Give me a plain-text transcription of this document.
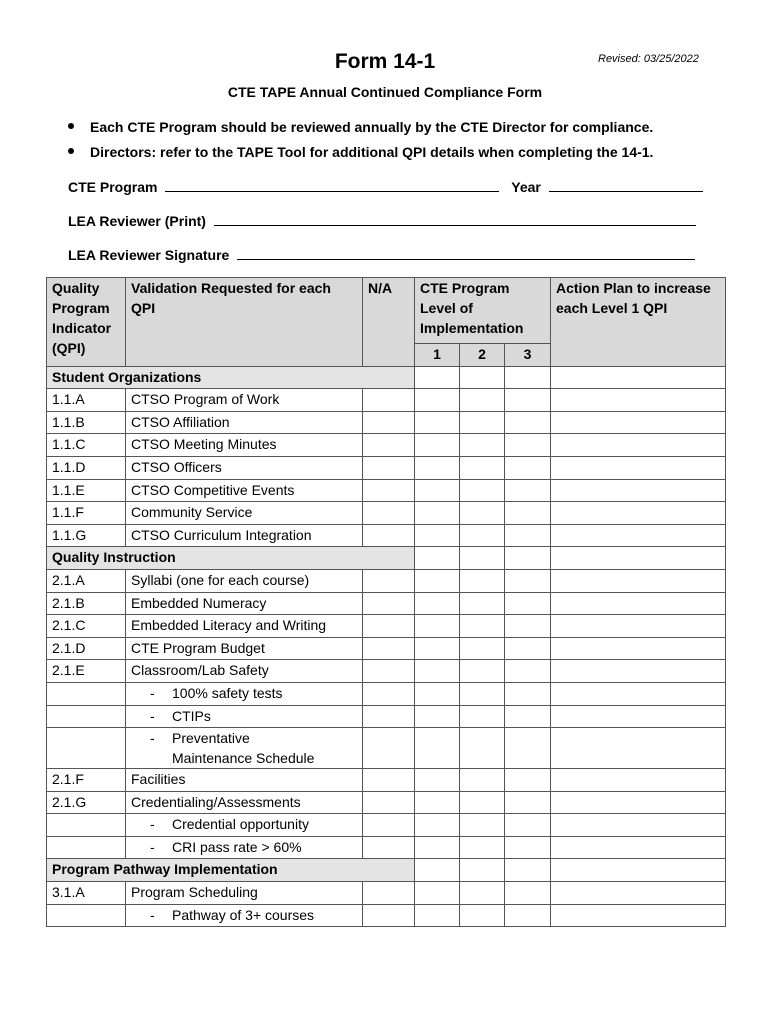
Form 14-1	Revised: 03/25/2022
CTE TAPE Annual Continued Compliance Form
Each CTE Program should be reviewed annually by the CTE Director for compliance.
Directors: refer to the TAPE Tool for additional QPI details when completing the 14-1.
CTE Program	Year
LEA Reviewer (Print)
LEA Reviewer Signature
Quality
Program
Indicator
(QPI)	Validation Requested for each QPI	N/A	CTE Program Level of Implementation			Action Plan to increase each Level 1 QPI
			1	2	3	
Student Organizations						
1.1.A	CTSO Program of Work					
1.1.B	CTSO Affiliation					
1.1.C	CTSO Meeting Minutes					
1.1.D	CTSO Officers					
1.1.E	CTSO Competitive Events					
1.1.F	Community Service					
1.1.G	CTSO Curriculum Integration					
Quality Instruction						
2.1.A	Syllabi (one for each course)					
2.1.B	Embedded Numeracy					
2.1.C	Embedded Literacy and Writing					
2.1.D	CTE Program Budget					
2.1.E	Classroom/Lab Safety					
	- 100% safety tests					
	- CTIPs					
	- Preventative
Maintenance Schedule					

2.1.F	Facilities					
2.1.G	Credentialing/Assessments					
	- Credential opportunity					
	- CRI pass rate > 60%					
Program Pathway Implementation						
3.1.A	Program Scheduling					
	- Pathway of 3+ courses					
